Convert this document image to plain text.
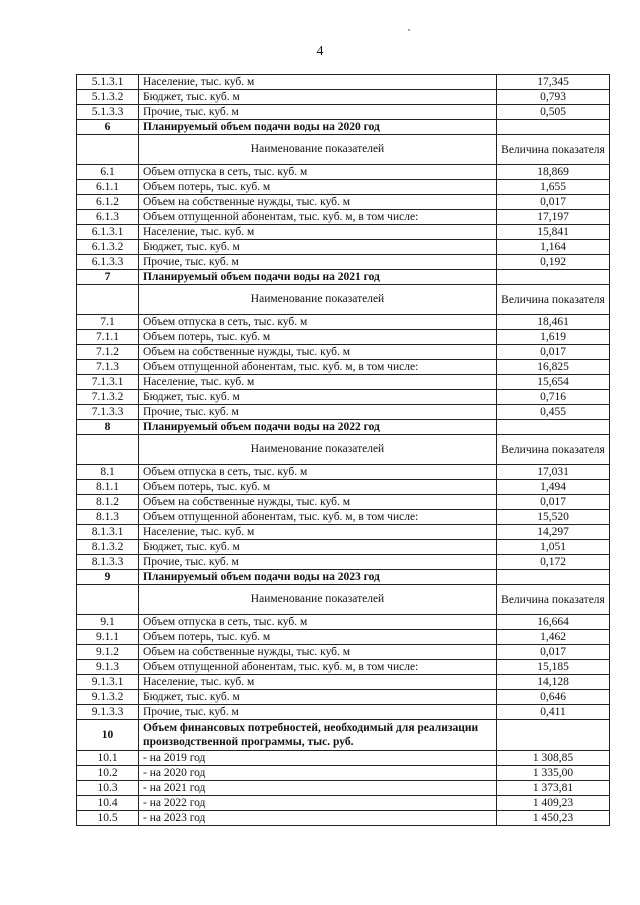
4
5.1.3.1	Население, тыс. куб. м	17,345
5.1.3.2	Бюджет, тыс. куб. м	0,793
5.1.3.3	Прочие, тыс. куб. м	0,505
6	Планируемый объем подачи воды на 2020 год	
	Наименование показателей	Величина показателя
6.1	Объем отпуска в сеть, тыс. куб. м	18,869
6.1.1	Объем потерь, тыс. куб. м	1,655
6.1.2	Объем на собственные нужды, тыс. куб. м	0,017
6.1.3	Объем отпущенной абонентам, тыс. куб. м, в том числе:	17,197
6.1.3.1	Население, тыс. куб. м	15,841
6.1.3.2	Бюджет, тыс. куб. м	1,164
6.1.3.3	Прочие, тыс. куб. м	0,192
7	Планируемый объем подачи воды на 2021 год	
	Наименование показателей	Величина показателя
7.1	Объем отпуска в сеть, тыс. куб. м	18,461
7.1.1	Объем потерь, тыс. куб. м	1,619
7.1.2	Объем на собственные нужды, тыс. куб. м	0,017
7.1.3	Объем отпущенной абонентам, тыс. куб. м, в том числе:	16,825
7.1.3.1	Население, тыс. куб. м	15,654
7.1.3.2	Бюджет, тыс. куб. м	0,716
7.1.3.3	Прочие, тыс. куб. м	0,455
8	Планируемый объем подачи воды на 2022 год	
	Наименование показателей	Величина показателя
8.1	Объем отпуска в сеть, тыс. куб. м	17,031
8.1.1	Объем потерь, тыс. куб. м	1,494
8.1.2	Объем на собственные нужды, тыс. куб. м	0,017
8.1.3	Объем отпущенной абонентам, тыс. куб. м, в том числе:	15,520
8.1.3.1	Население, тыс. куб. м	14,297
8.1.3.2	Бюджет, тыс. куб. м	1,051
8.1.3.3	Прочие, тыс. куб. м	0,172
9	Планируемый объем подачи воды на 2023 год	
	Наименование показателей	Величина показателя
9.1	Объем отпуска в сеть, тыс. куб. м	16,664
9.1.1	Объем потерь, тыс. куб. м	1,462
9.1.2	Объем на собственные нужды, тыс. куб. м	0,017
9.1.3	Объем отпущенной абонентам, тыс. куб. м, в том числе:	15,185
9.1.3.1	Население, тыс. куб. м	14,128
9.1.3.2	Бюджет, тыс. куб. м	0,646
9.1.3.3	Прочие, тыс. куб. м	0,411
10	Объем финансовых потребностей, необходимый для реализации производственной программы, тыс. руб.	
10.1	- на 2019 год	1 308,85
10.2	- на 2020 год	1 335,00
10.3	- на 2021 год	1 373,81
10.4	- на 2022 год	1 409,23
10.5	- на 2023 год	1 450,23
